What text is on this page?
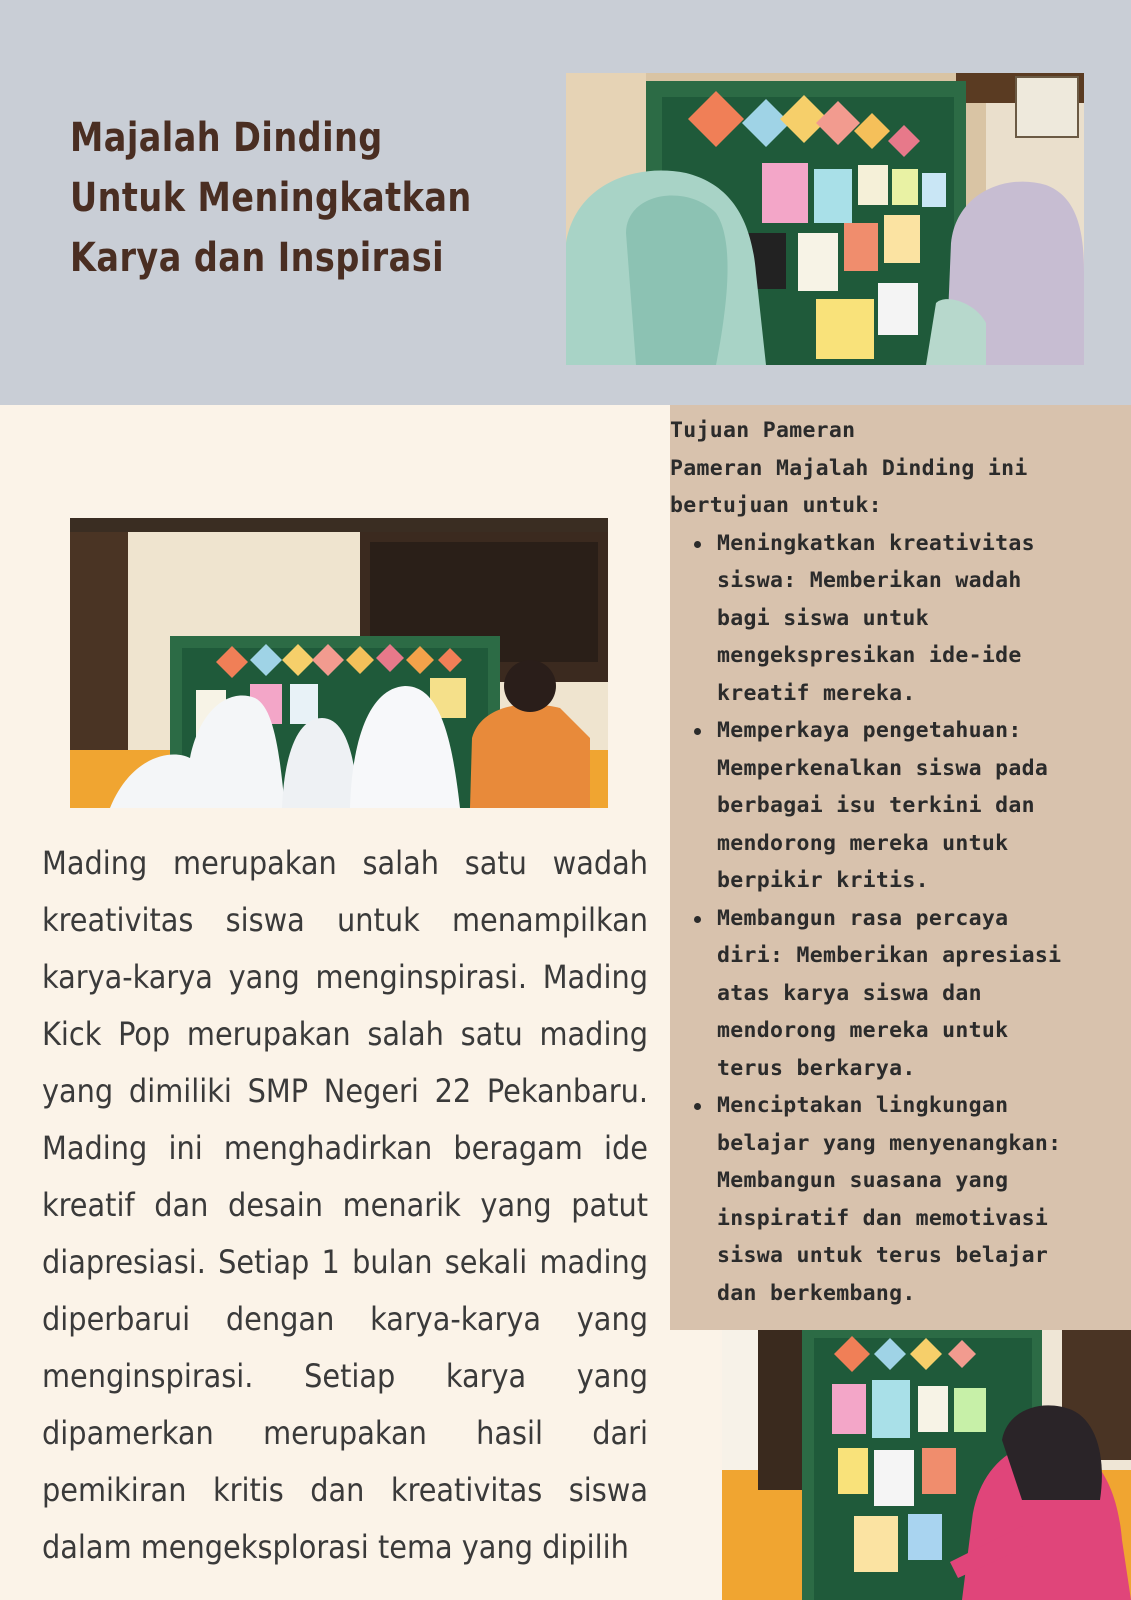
Majalah Dinding
Untuk Meningkatkan
Karya dan Inspirasi

Tujuan Pameran

Pameran Majalah Dinding ini

bertujuan untuk:

Meningkatkan kreativitas
siswa: Memberikan wadah
bagi siswa untuk
mengekspresikan ide-ide
kreatif mereka.
Memperkaya pengetahuan:
Memperkenalkan siswa pada
berbagai isu terkini dan
mendorong mereka untuk
berpikir kritis.
Membangun rasa percaya
diri: Memberikan apresiasi
atas karya siswa dan
mendorong mereka untuk
terus berkarya.
Menciptakan lingkungan
belajar yang menyenangkan:
Membangun suasana yang
inspiratif dan memotivasi
siswa untuk terus belajar
dan berkembang.
Mading merupakan salah satu wadah
kreativitas siswa untuk menampilkan
karya-karya yang menginspirasi. Mading
Kick Pop merupakan salah satu mading
yang dimiliki SMP Negeri 22 Pekanbaru.
Mading ini menghadirkan beragam ide
kreatif dan desain menarik yang patut
diapresiasi. Setiap 1 bulan sekali mading
diperbarui dengan karya-karya yang
menginspirasi. Setiap karya yang
dipamerkan merupakan hasil dari
pemikiran kritis dan kreativitas siswa
dalam mengeksplorasi tema yang dipilih
